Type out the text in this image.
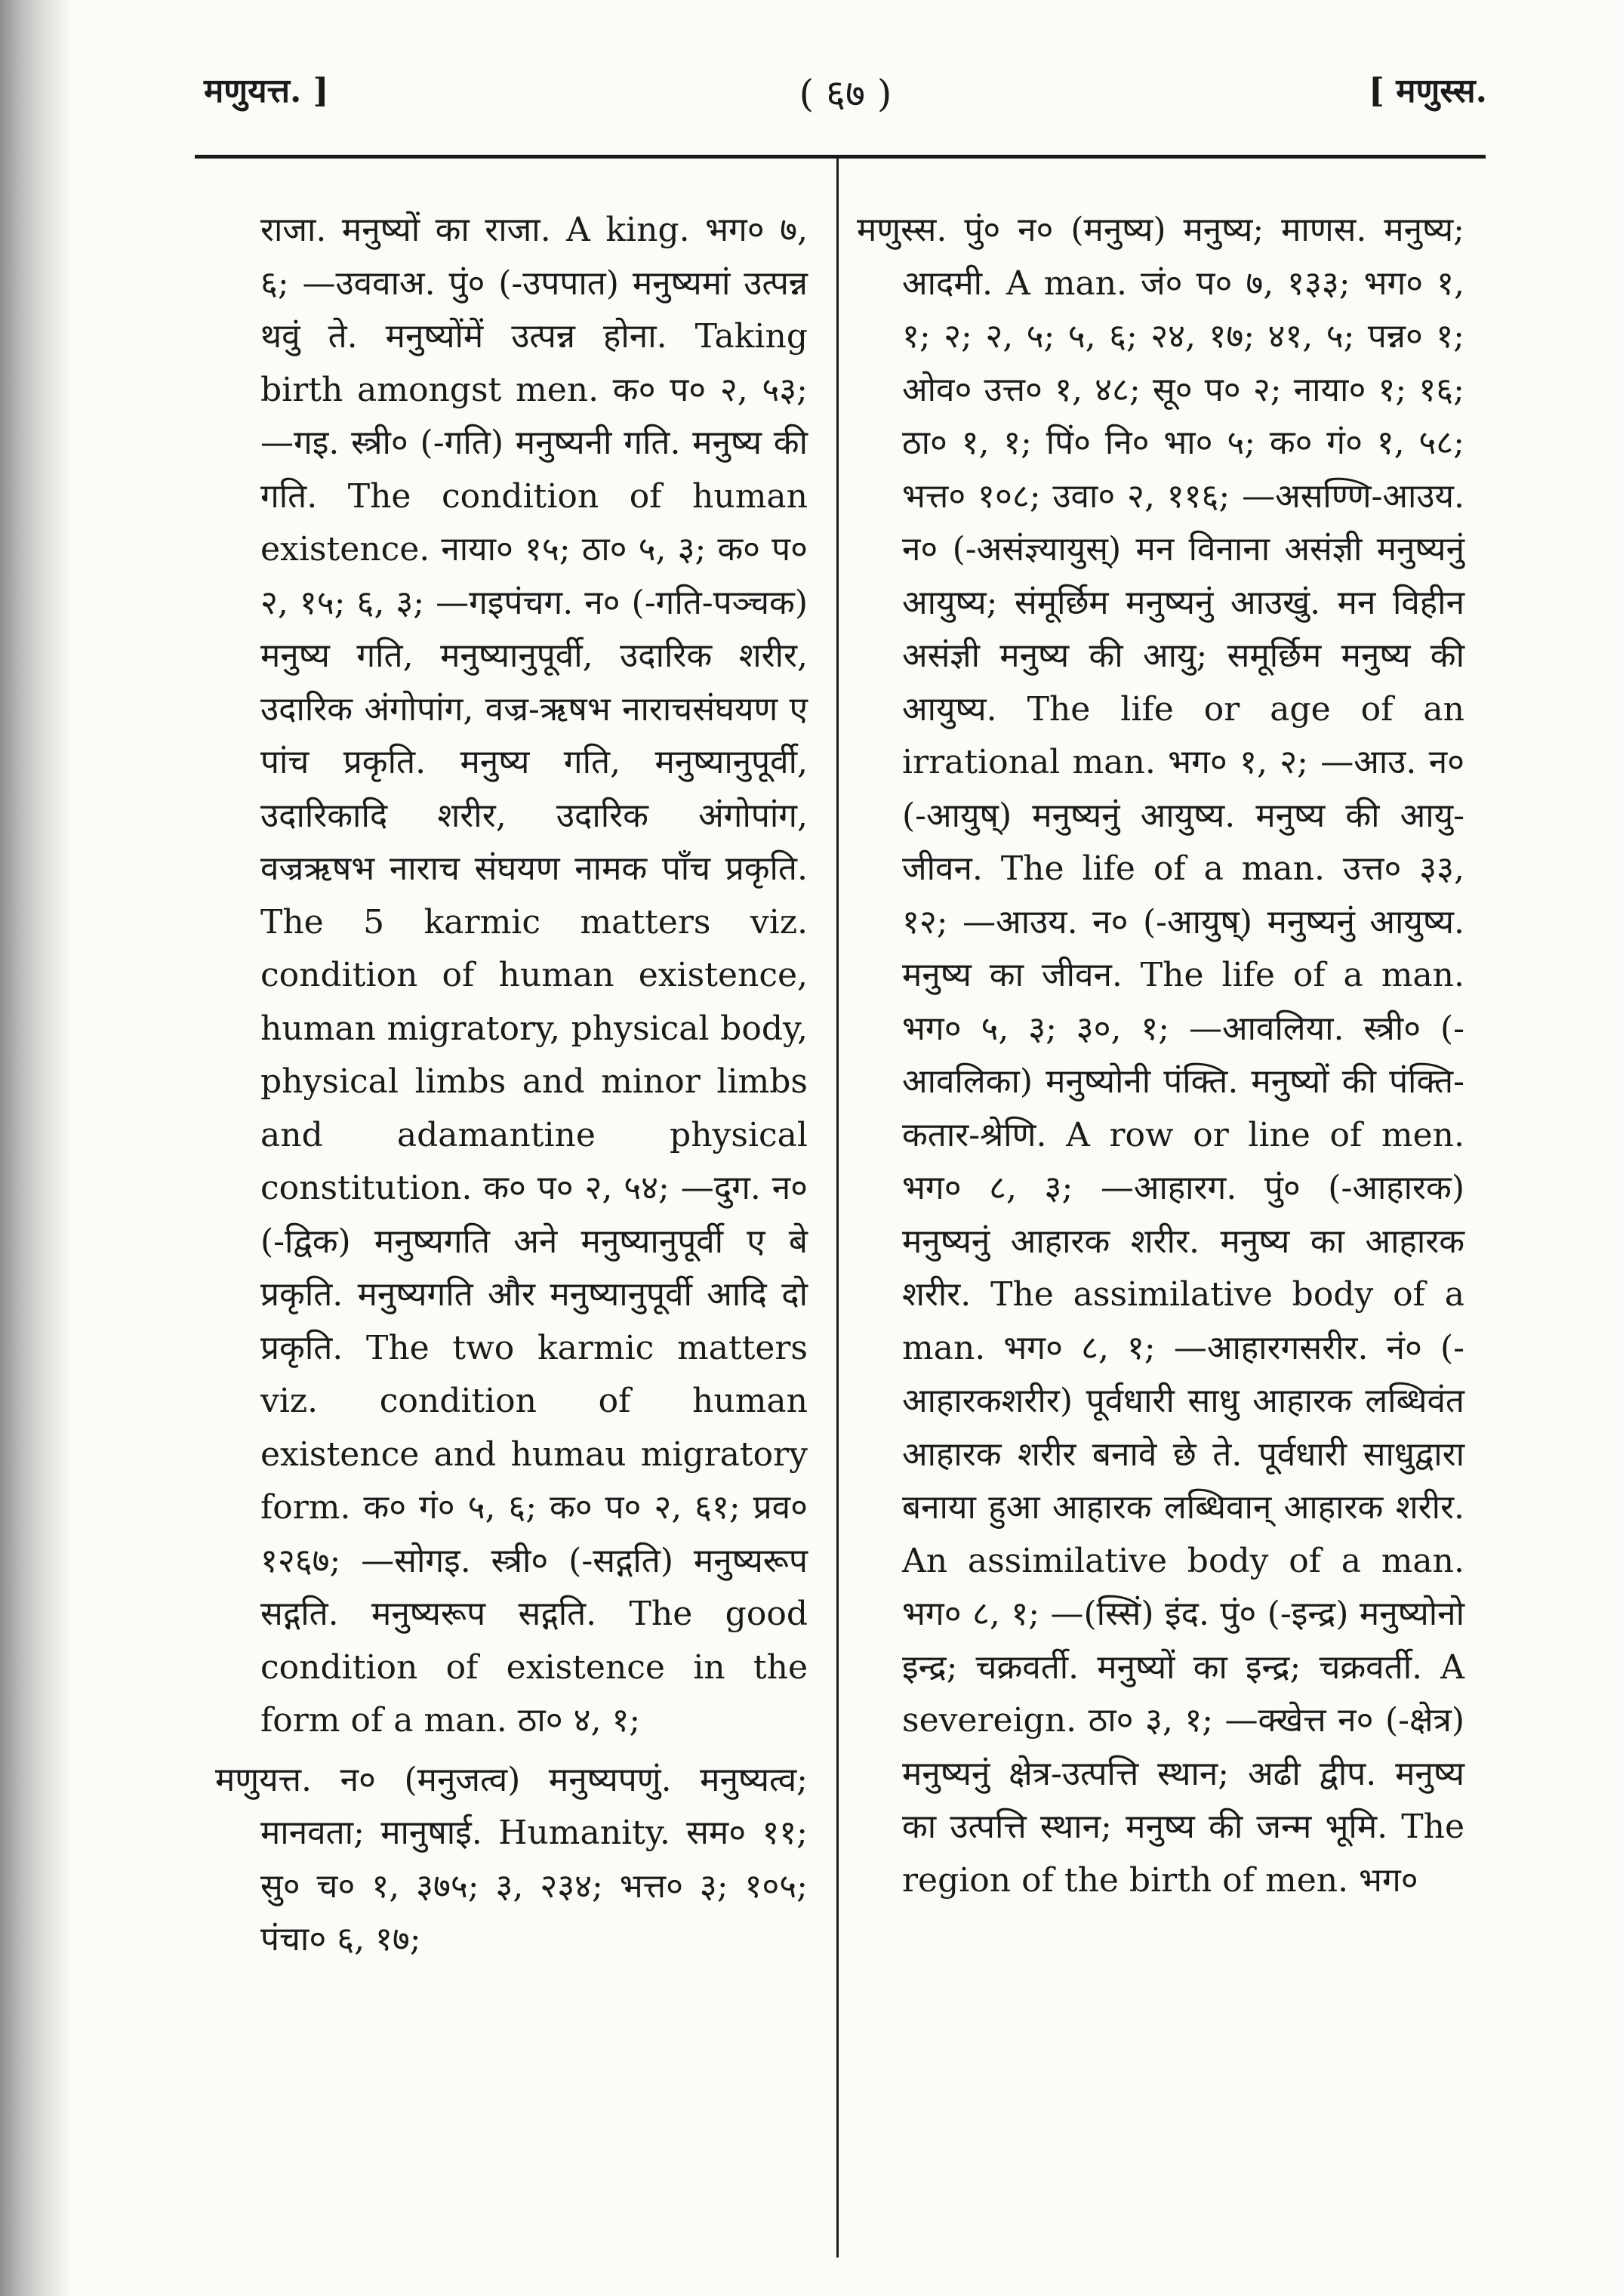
मणुयत्त. ]	( ६७ )	[ मणुस्स.

राजा. मनुष्यों का राजा. A king. भग० ७, ६; —उववाअ. पुं० (-उपपात) मनुष्यमां उत्पन्न थवुं ते. मनुष्योंमें उत्पन्न होना. Taking birth amongst men. क० प० २, ५३; —गइ. स्त्री० (-गति) मनुष्यनी गति. मनुष्य की गति. The condition of human existence. नाया० १५; ठा० ५, ३; क० प० २, १५; ६, ३; —गइपंचग. न० (-गति-पञ्चक) मनुष्य गति, मनुष्यानुपूर्वी, उदारिक शरीर, उदारिक अंगोपांग, वज्र-ऋषभ नाराचसंघयण ए पांच प्रकृति. मनुष्य गति, मनुष्यानुपूर्वी, उदारिकादि शरीर, उदारिक अंगोपांग, वज्रऋषभ नाराच संघयण नामक पाँच प्रकृति. The 5 karmic matters viz. condition of human existence, human migratory, physical body, physical limbs and minor limbs and adamantine physical constitution. क० प० २, ५४; —दुग. न० (-द्विक) मनुष्यगति अने मनुष्यानुपूर्वी ए बे प्रकृति. मनुष्यगति और मनुष्यानुपूर्वी आदि दो प्रकृति. The two karmic matters viz. condition of human existence and humau migratory form. क० गं० ५, ६; क० प० २, ६१; प्रव० १२६७; —सोगइ. स्त्री० (-सद्गति) मनुष्यरूप सद्गति. मनुष्यरूप सद्गति. The good condition of existence in the form of a man. ठा० ४, १;

मणुयत्त. न० (मनुजत्व) मनुष्यपणुं. मनुष्यत्व; मानवता; मानुषाई. Humanity. सम० ११; सु० च० १, ३७५; ३, २३४; भत्त० ३; १०५; पंचा० ६, १७;

मणुस्स. पुं० न० (मनुष्य) मनुष्य; माणस. मनुष्य; आदमी. A man. जं० प० ७, १३३; भग० १, १; २; २, ५; ५, ६; २४, १७; ४१, ५; पन्न० १; ओव० उत्त० १, ४८; सू० प० २; नाया० १; १६; ठा० १, १; पिं० नि० भा० ५; क० गं० १, ५८; भत्त० १०८; उवा० २, ११६; —असण्णि-आउय. न० (-असंज्ञ्यायुस्) मन विनाना असंज्ञी मनुष्यनुं आयुष्य; संमूर्छिम मनुष्यनुं आउखुं. मन विहीन असंज्ञी मनुष्य की आयु; समूर्छिम मनुष्य की आयुष्य. The life or age of an irrational man. भग० १, २; —आउ. न० (-आयुष्) मनुष्यनुं आयुष्य. मनुष्य की आयु-जीवन. The life of a man. उत्त० ३३, १२; —आउय. न० (-आयुष्) मनुष्यनुं आयुष्य. मनुष्य का जीवन. The life of a man. भग० ५, ३; ३०, १; —आवलिया. स्त्री० (-आवलिका) मनुष्योनी पंक्ति. मनुष्यों की पंक्ति-कतार-श्रेणि. A row or line of men. भग० ८, ३; —आहारग. पुं० (-आहारक) मनुष्यनुं आहारक शरीर. मनुष्य का आहारक शरीर. The assimilative body of a man. भग० ८, १; —आहारगसरीर. नं० (-आहारकशरीर) पूर्वधारी साधु आहारक लब्धिवंत आहारक शरीर बनावे छे ते. पूर्वधारी साधुद्वारा बनाया हुआ आहारक लब्धिवान् आहारक शरीर. An assimilative body of a man. भग० ८, १; —(स्सिं) इंद. पुं० (-इन्द्र) मनुष्योनो इन्द्र; चक्रवर्ती. मनुष्यों का इन्द्र; चक्रवर्ती. A severeign. ठा० ३, १; —क्खेत्त न० (-क्षेत्र) मनुष्यनुं क्षेत्र-उत्पत्ति स्थान; अढी द्वीप. मनुष्य का उत्पत्ति स्थान; मनुष्य की जन्म भूमि. The region of the birth of men. भग०
